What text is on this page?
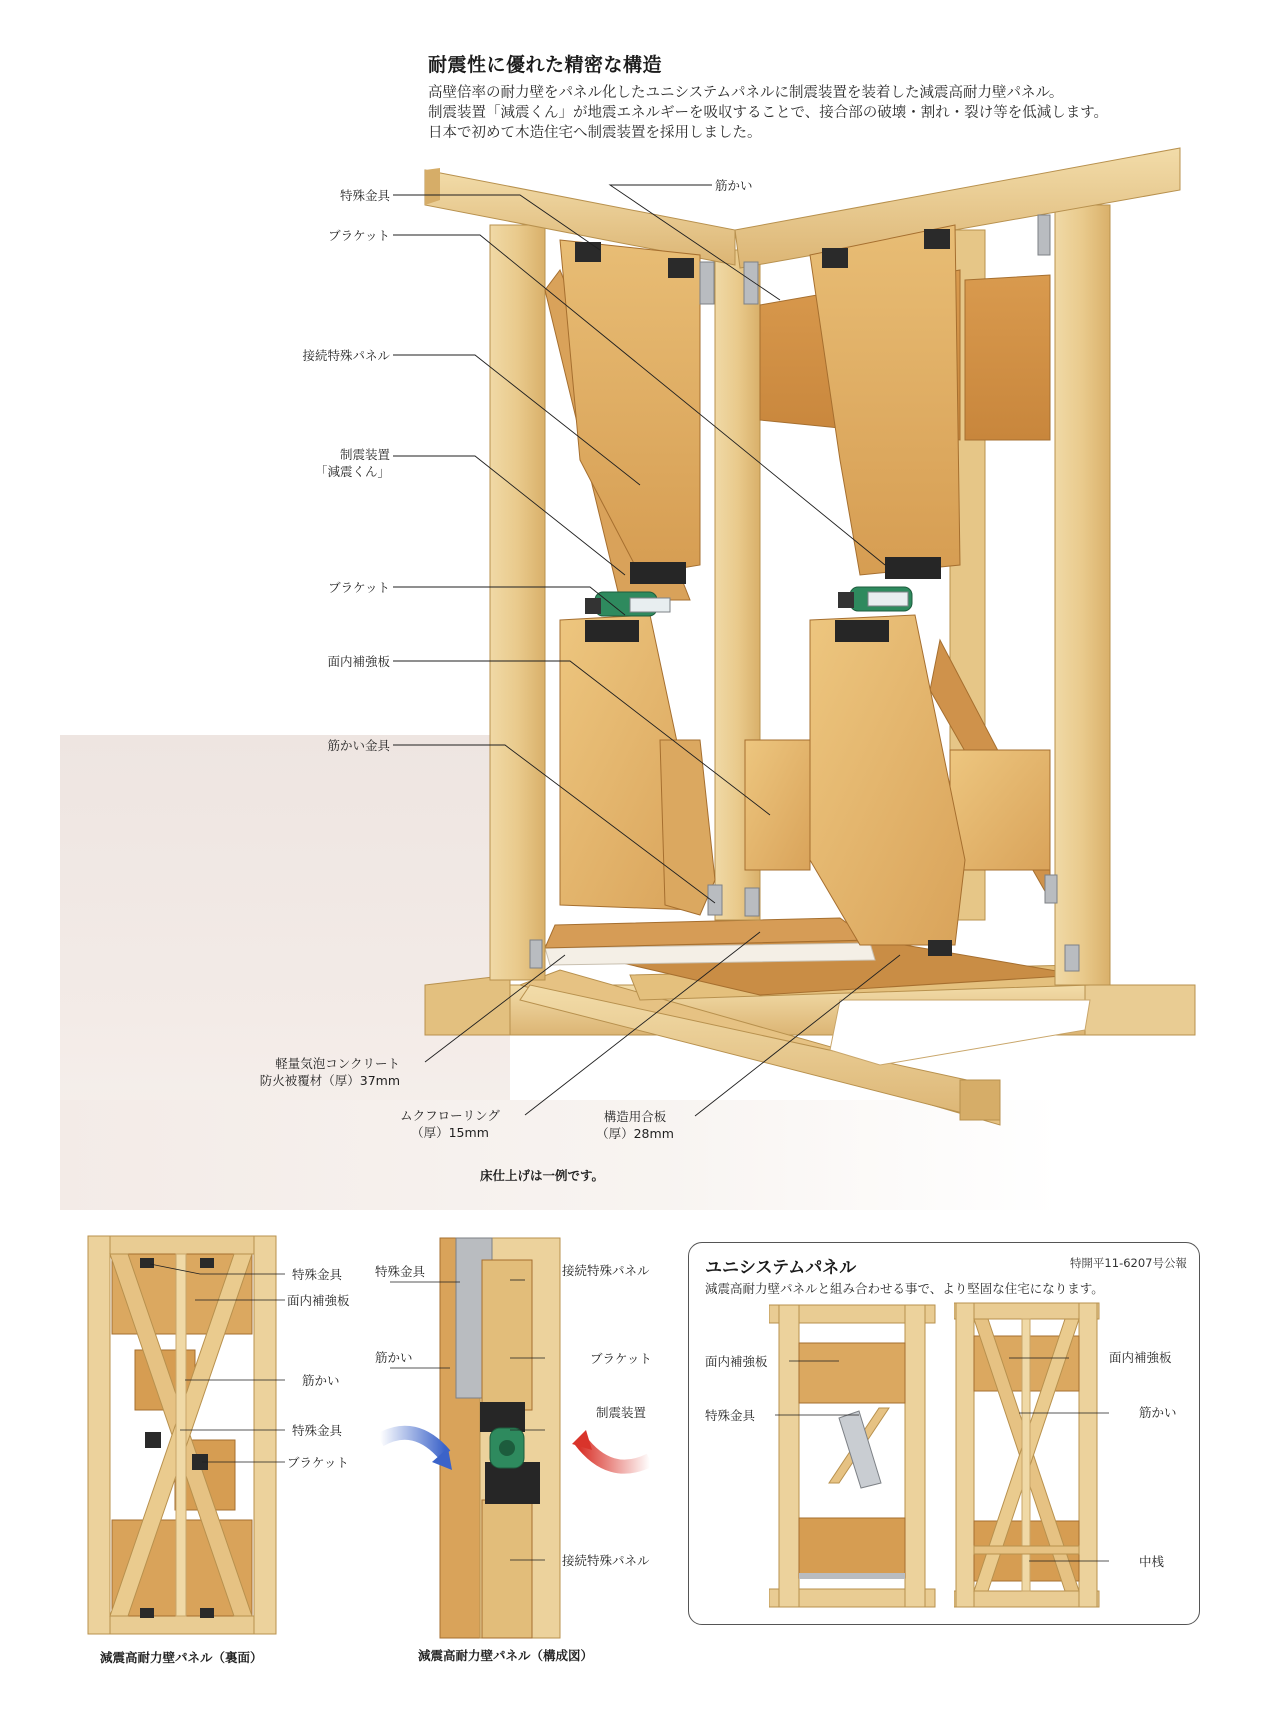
耐震性に優れた精密な構造

高壁倍率の耐力壁をパネル化したユニシステムパネルに制震装置を装着した減震高耐力壁パネル。

制震装置「減震くん」が地震エネルギーを吸収することで、接合部の破壊・割れ・裂け等を低減します。

日本で初めて木造住宅へ制震装置を採用しました。

特殊金具
筋かい
ブラケット
接続特殊パネル
制震装置
「減震くん」
ブラケット
面内補強板
筋かい金具
軽量気泡コンクリート
防火被覆材（厚）37mm
ムクフローリング
（厚）15mm
構造用合板
（厚）28mm
床仕上げは一例です。
特殊金具
面内補強板
筋かい
特殊金具
ブラケット
減震高耐力壁パネル（裏面）
特殊金具
筋かい
接続特殊パネル
ブラケット
制震装置
接続特殊パネル
減震高耐力壁パネル（構成図）
ユニシステムパネル	特開平11-6207号公報
減震高耐力壁パネルと組み合わせる事で、より堅固な住宅になります。
面内補強板
特殊金具
面内補強板
筋かい
中桟
